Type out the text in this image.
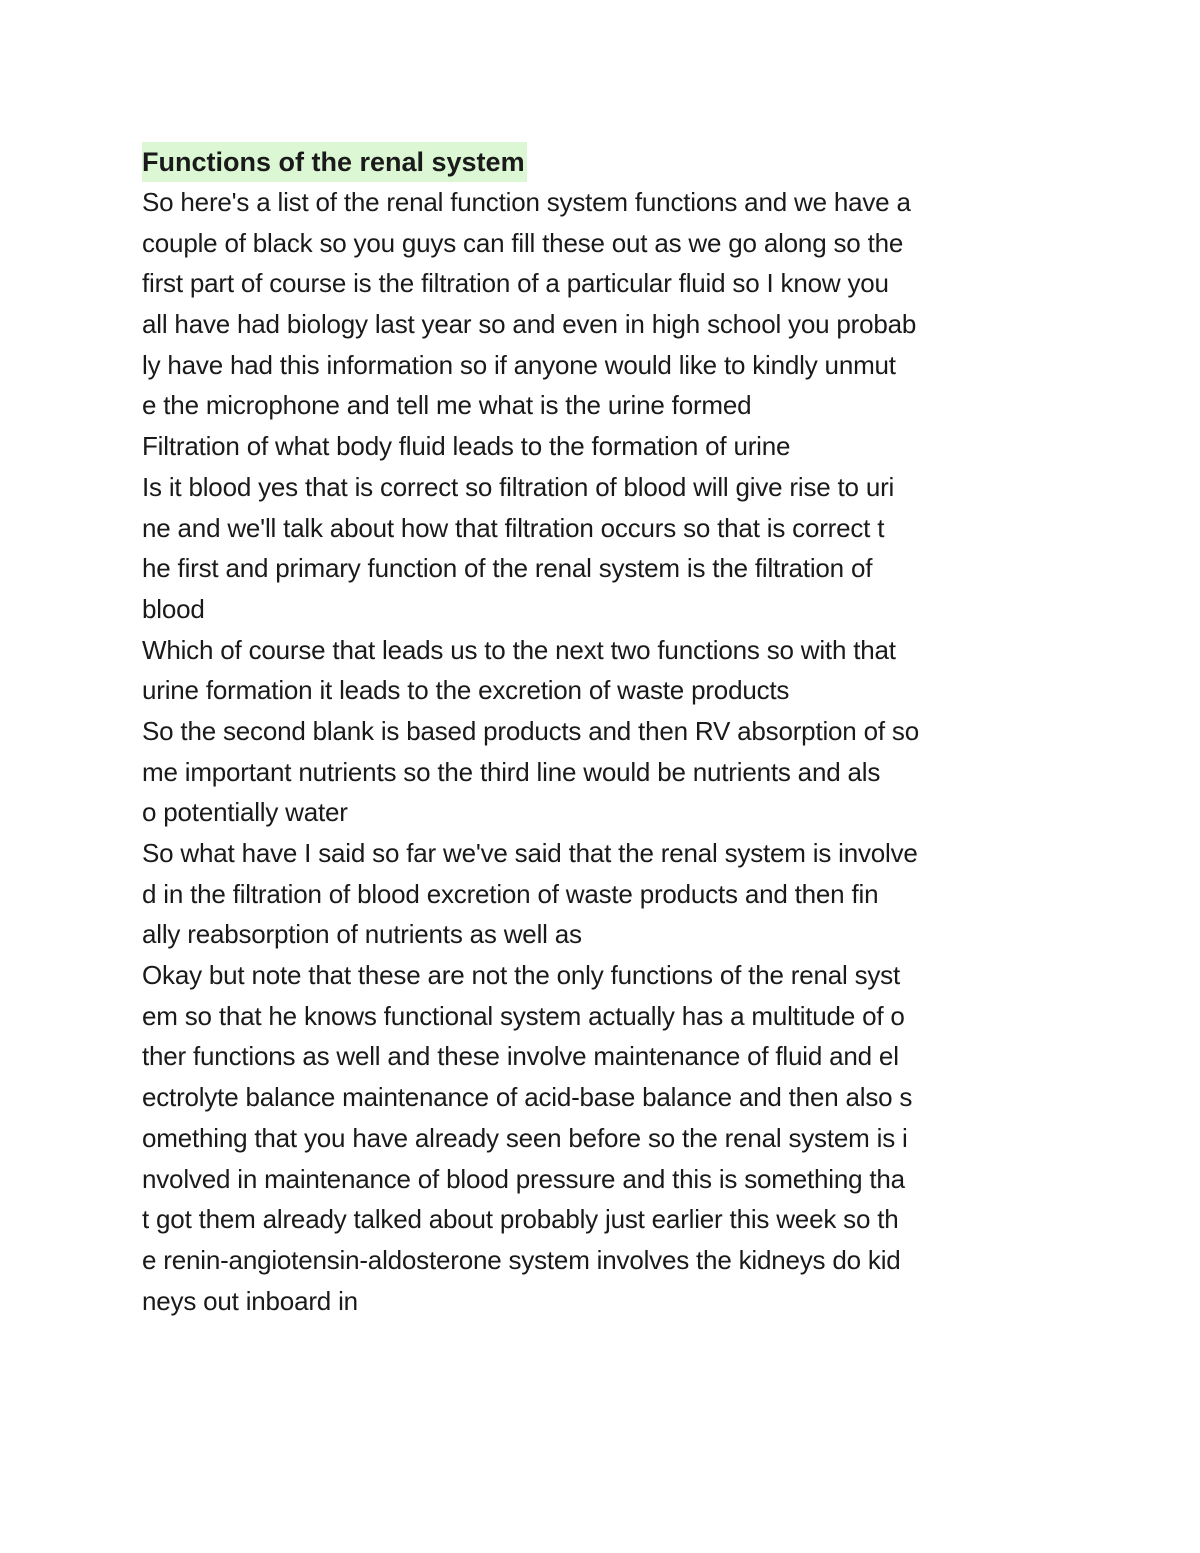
Functions of the renal system
So here's a list of the renal function system functions and we have a
couple of black so you guys can fill these out as we go along so the
first part of course is the filtration of a particular fluid so I know you
all have had biology last year so and even in high school you probab
ly have had this information so if anyone would like to kindly unmut
e the microphone and tell me what is the urine formed
Filtration of what body fluid leads to the formation of urine
Is it blood yes that is correct so filtration of blood will give rise to uri
ne and we'll talk about how that filtration occurs so that is correct t
he first and primary function of the renal system is the filtration of
blood
Which of course that leads us to the next two functions so with that
urine formation it leads to the excretion of waste products
So the second blank is based products and then RV absorption of so
me important nutrients so the third line would be nutrients and als
o potentially water
So what have I said so far we've said that the renal system is involve
d in the filtration of blood excretion of waste products and then fin
ally reabsorption of nutrients as well as
Okay but note that these are not the only functions of the renal syst
em so that he knows functional system actually has a multitude of o
ther functions as well and these involve maintenance of fluid and el
ectrolyte balance maintenance of acid-base balance and then also s
omething that you have already seen before so the renal system is i
nvolved in maintenance of blood pressure and this is something tha
t got them already talked about probably just earlier this week so th
e renin-angiotensin-aldosterone system involves the kidneys do kid
neys out inboard in
